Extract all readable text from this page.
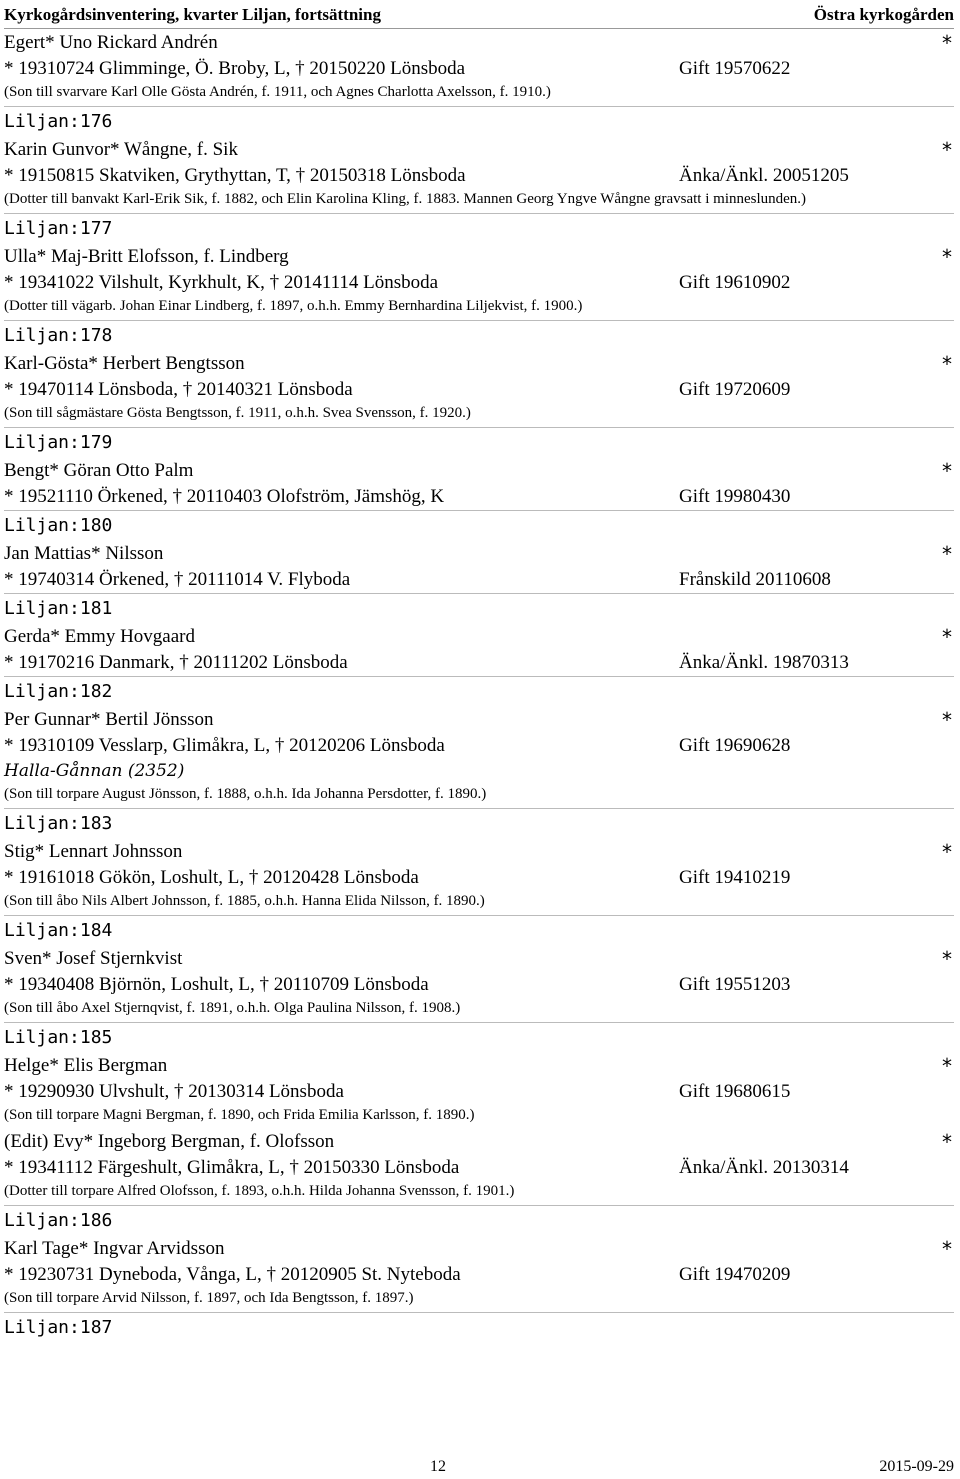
Kyrkogårdsinventering, kvarter Liljan, fortsättning	Östra kyrkogården
Egert* Uno Rickard Andrén	*
* 19310724 Glimminge, Ö. Broby, L, † 20150220 Lönsboda	Gift 19570622
(Son till svarvare Karl Olle Gösta Andrén, f. 1911, och Agnes Charlotta Axelsson, f. 1910.)
Liljan:176
Karin Gunvor* Wångne, f. Sik	*
* 19150815 Skatviken, Grythyttan, T, † 20150318 Lönsboda	Änka/Änkl. 20051205
(Dotter till banvakt Karl-Erik Sik, f. 1882, och Elin Karolina Kling, f. 1883. Mannen Georg Yngve Wångne gravsatt i minneslunden.)
Liljan:177
Ulla* Maj-Britt Elofsson, f. Lindberg	*
* 19341022 Vilshult, Kyrkhult, K, † 20141114 Lönsboda	Gift 19610902
(Dotter till vägarb. Johan Einar Lindberg, f. 1897, o.h.h. Emmy Bernhardina Liljekvist, f. 1900.)
Liljan:178
Karl-Gösta* Herbert Bengtsson	*
* 19470114 Lönsboda, † 20140321 Lönsboda	Gift 19720609
(Son till sågmästare Gösta Bengtsson, f. 1911, o.h.h. Svea Svensson, f. 1920.)
Liljan:179
Bengt* Göran Otto Palm	*
* 19521110 Örkened, † 20110403 Olofström, Jämshög, K	Gift 19980430
Liljan:180
Jan Mattias* Nilsson	*
* 19740314 Örkened, † 20111014 V. Flyboda	Frånskild 20110608
Liljan:181
Gerda* Emmy Hovgaard	*
* 19170216 Danmark, † 20111202 Lönsboda	Änka/Änkl. 19870313
Liljan:182
Per Gunnar* Bertil Jönsson	*
* 19310109 Vesslarp, Glimåkra, L, † 20120206 Lönsboda	Gift 19690628
Halla-Gånnan (2352)
(Son till torpare August Jönsson, f. 1888, o.h.h. Ida Johanna Persdotter, f. 1890.)
Liljan:183
Stig* Lennart Johnsson	*
* 19161018 Gökön, Loshult, L, † 20120428 Lönsboda	Gift 19410219
(Son till åbo Nils Albert Johnsson, f. 1885, o.h.h. Hanna Elida Nilsson, f. 1890.)
Liljan:184
Sven* Josef Stjernkvist	*
* 19340408 Björnön, Loshult, L, † 20110709 Lönsboda	Gift 19551203
(Son till åbo Axel Stjernqvist, f. 1891, o.h.h. Olga Paulina Nilsson, f. 1908.)
Liljan:185
Helge* Elis Bergman	*
* 19290930 Ulvshult, † 20130314 Lönsboda	Gift 19680615
(Son till torpare Magni Bergman, f. 1890, och Frida Emilia Karlsson, f. 1890.)
(Edit) Evy* Ingeborg Bergman, f. Olofsson	*
* 19341112 Färgeshult, Glimåkra, L, † 20150330 Lönsboda	Änka/Änkl. 20130314
(Dotter till torpare Alfred Olofsson, f. 1893, o.h.h. Hilda Johanna Svensson, f. 1901.)
Liljan:186
Karl Tage* Ingvar Arvidsson	*
* 19230731 Dyneboda, Vånga, L, † 20120905 St. Nyteboda	Gift 19470209
(Son till torpare Arvid Nilsson, f. 1897, och Ida Bengtsson, f. 1897.)
Liljan:187
12	2015-09-29
